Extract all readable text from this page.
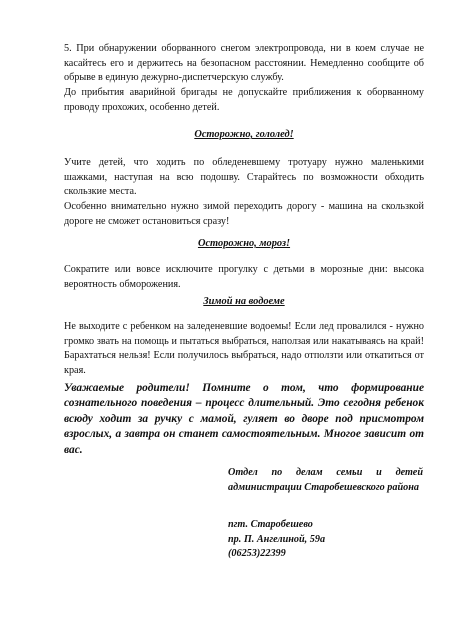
5. При обнаружении оборванного снегом электропровода, ни в коем случае не касайтесь его и держитесь на безопасном расстоянии. Немедленно сообщите об обрыве в единую дежурно-диспетчерскую службу.

До прибытия аварийной бригады не допускайте приближения к оборванному проводу прохожих, особенно детей.

Осторожно, гололед!

Учите детей, что ходить по обледеневшему тротуару нужно маленькими шажками, наступая на всю подошву. Старайтесь по возможности обходить скользкие места.

Особенно внимательно нужно зимой переходить дорогу - машина на скользкой дороге не сможет остановиться сразу!

Осторожно, мороз!

Сократите или вовсе исключите прогулку с детьми в морозные дни: высока вероятность обморожения.

Зимой на водоеме

Не выходите с ребенком на заледеневшие водоемы! Если лед провалился - нужно громко звать на помощь и пытаться выбраться, наползая или накатываясь на край! Барахтаться нельзя! Если получилось выбраться, надо отползти или откатиться от края.

Уважаемые родители! Помните о том, что формирование сознательного поведения – процесс длительный. Это сегодня ребенок всюду ходит за ручку с мамой, гуляет во дворе под присмотром взрослых, а завтра он станет самостоятельным. Многое зависит от вас.

Отдел по делам семьи и детей администрации Старобешевского района

пгт. Старобешево
пр. П. Ангелиной, 59а
(06253)22399
